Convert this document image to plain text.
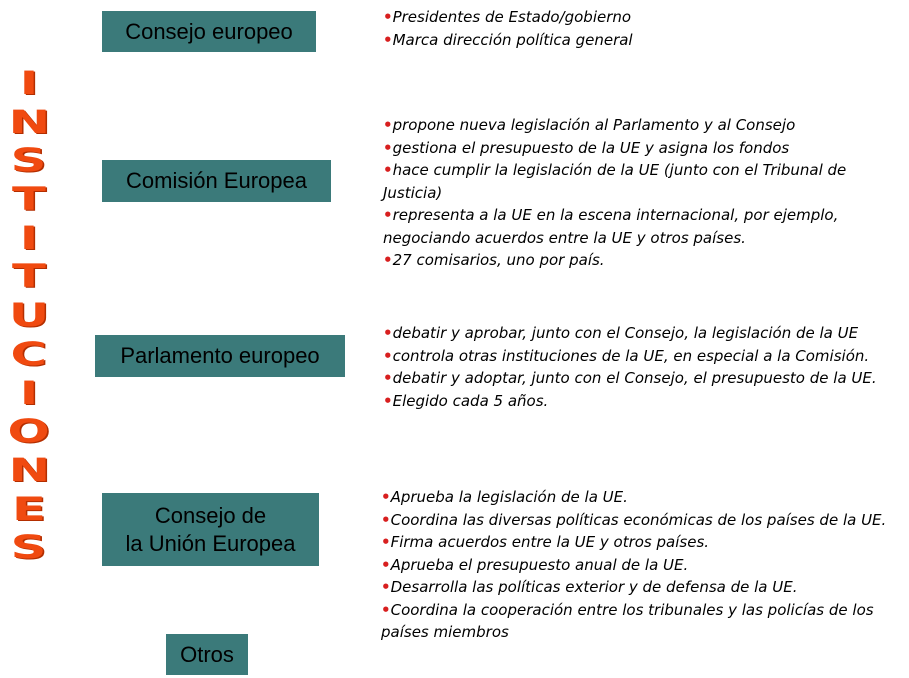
I
N
S
T
I
T
U
C
I
O
N
E
S
Consejo europeo
•Presidentes de Estado/gobierno
•Marca dirección política general
Comisión Europea
•propone nueva legislación al Parlamento y al Consejo
•gestiona el presupuesto de la UE y asigna los fondos
•hace cumplir la legislación de la UE (junto con el Tribunal de Justicia)
•representa a la UE en la escena internacional, por ejemplo, negociando acuerdos entre la UE y otros países.
•27 comisarios, uno por país.
Parlamento europeo
•debatir y aprobar, junto con el Consejo, la legislación de la UE
•controla otras instituciones de la UE, en especial a la Comisión.
•debatir y adoptar, junto con el Consejo, el presupuesto de la UE.
•Elegido cada 5 años.
Consejo de
la Unión Europea
•Aprueba la legislación de la UE.
•Coordina las diversas políticas económicas de los países de la UE.
•Firma acuerdos entre la UE y otros países.
•Aprueba el presupuesto anual de la UE.
•Desarrolla las políticas exterior y de defensa de la UE.
•Coordina la cooperación entre los tribunales y las policías de los países miembros
Otros
